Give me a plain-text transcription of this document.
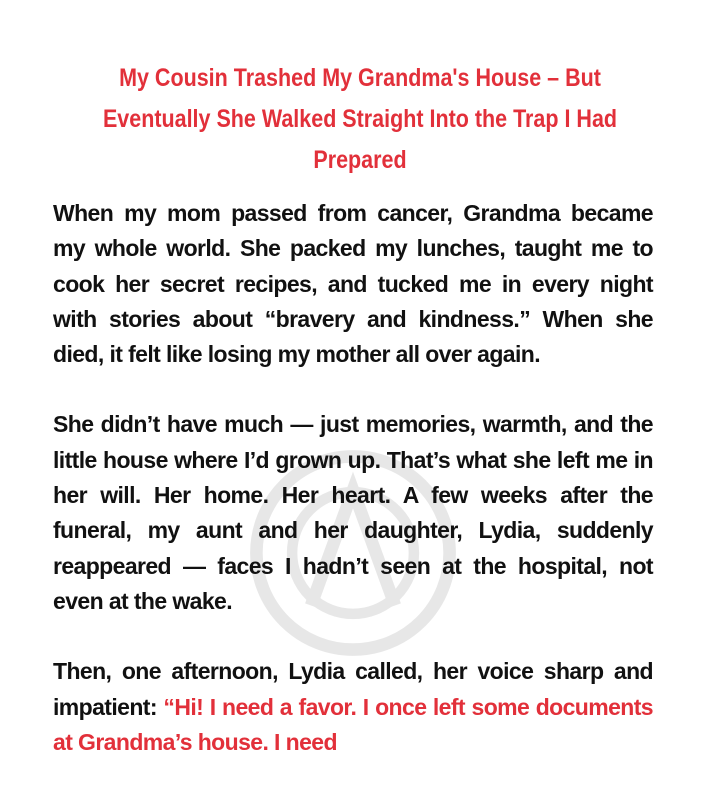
My Cousin Trashed My Grandma's House – But Eventually She Walked Straight Into the Trap I Had Prepared

When my mom passed from cancer, Grandma became my whole world. She packed my lunches, taught me to cook her secret recipes, and tucked me in every night with stories about “bravery and kindness.” When she died, it felt like losing my mother all over again.

She didn’t have much — just memories, warmth, and the little house where I’d grown up. That’s what she left me in her will. Her home. Her heart. A few weeks after the funeral, my aunt and her daughter, Lydia, suddenly reappeared — faces I hadn’t seen at the hospital, not even at the wake.

Then, one afternoon, Lydia called, her voice sharp and impatient: “Hi! I need a favor. I once left some documents at Grandma’s house. I need
